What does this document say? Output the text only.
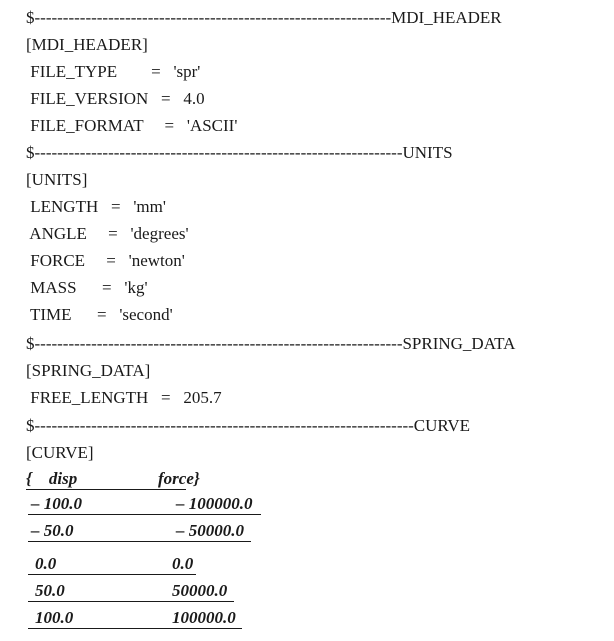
$---------------------------------------------------------------MDI_HEADER
[MDI_HEADER]
FILE_TYPE        =   'spr'
FILE_VERSION   =   4.0
FILE_FORMAT     =   'ASCII'
$-----------------------------------------------------------------UNITS
[UNITS]
LENGTH   =   'mm'
ANGLE     =   'degrees'
FORCE     =   'newton'
MASS      =   'kg'
TIME      =   'second'
$-----------------------------------------------------------------SPRING_DATA
[SPRING_DATA]
FREE_LENGTH   =   205.7
$-------------------------------------------------------------------CURVE
[CURVE]
{    disp	force}
– 100.0	– 100000.0
– 50.0	– 50000.0
0.0	0.0
50.0	50000.0
100.0	100000.0
